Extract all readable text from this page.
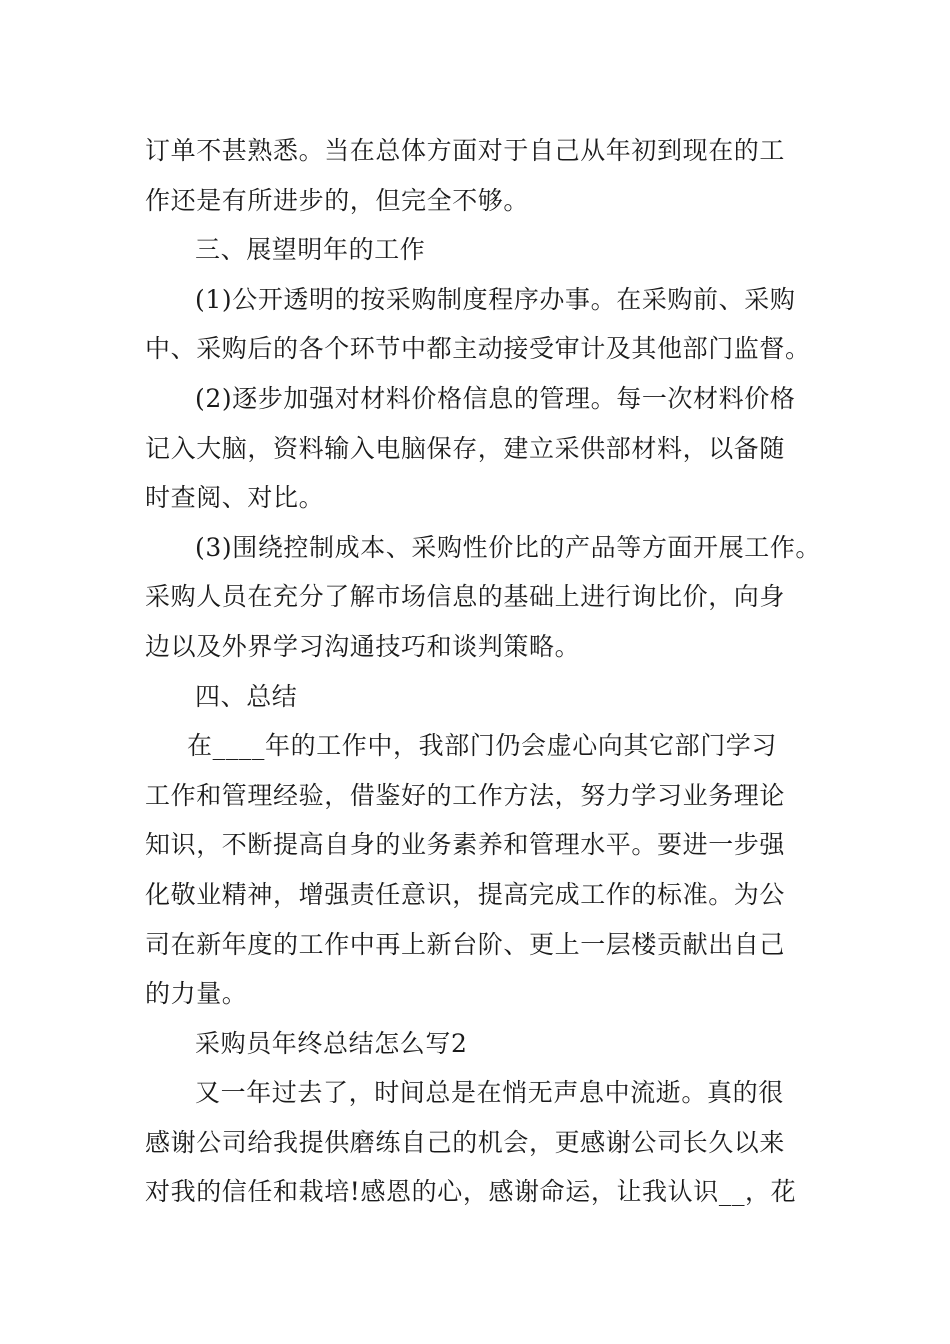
订单不甚熟悉。当在总体方面对于自己从年初到现在的工
作还是有所进步的，但完全不够。
三、展望明年的工作
(1)公开透明的按采购制度程序办事。在采购前、采购
中、采购后的各个环节中都主动接受审计及其他部门监督。
(2)逐步加强对材料价格信息的管理。每一次材料价格
记入大脑，资料输入电脑保存，建立采供部材料，以备随
时查阅、对比。
(3)围绕控制成本、采购性价比的产品等方面开展工作。
采购人员在充分了解市场信息的基础上进行询比价，向身
边以及外界学习沟通技巧和谈判策略。
四、总结
在____年的工作中，我部门仍会虚心向其它部门学习
工作和管理经验，借鉴好的工作方法，努力学习业务理论
知识，不断提高自身的业务素养和管理水平。要进一步强
化敬业精神，增强责任意识，提高完成工作的标准。为公
司在新年度的工作中再上新台阶、更上一层楼贡献出自己
的力量。
采购员年终总结怎么写2
又一年过去了，时间总是在悄无声息中流逝。真的很
感谢公司给我提供磨练自己的机会，更感谢公司长久以来
对我的信任和栽培!感恩的心，感谢命运，让我认识__，花
